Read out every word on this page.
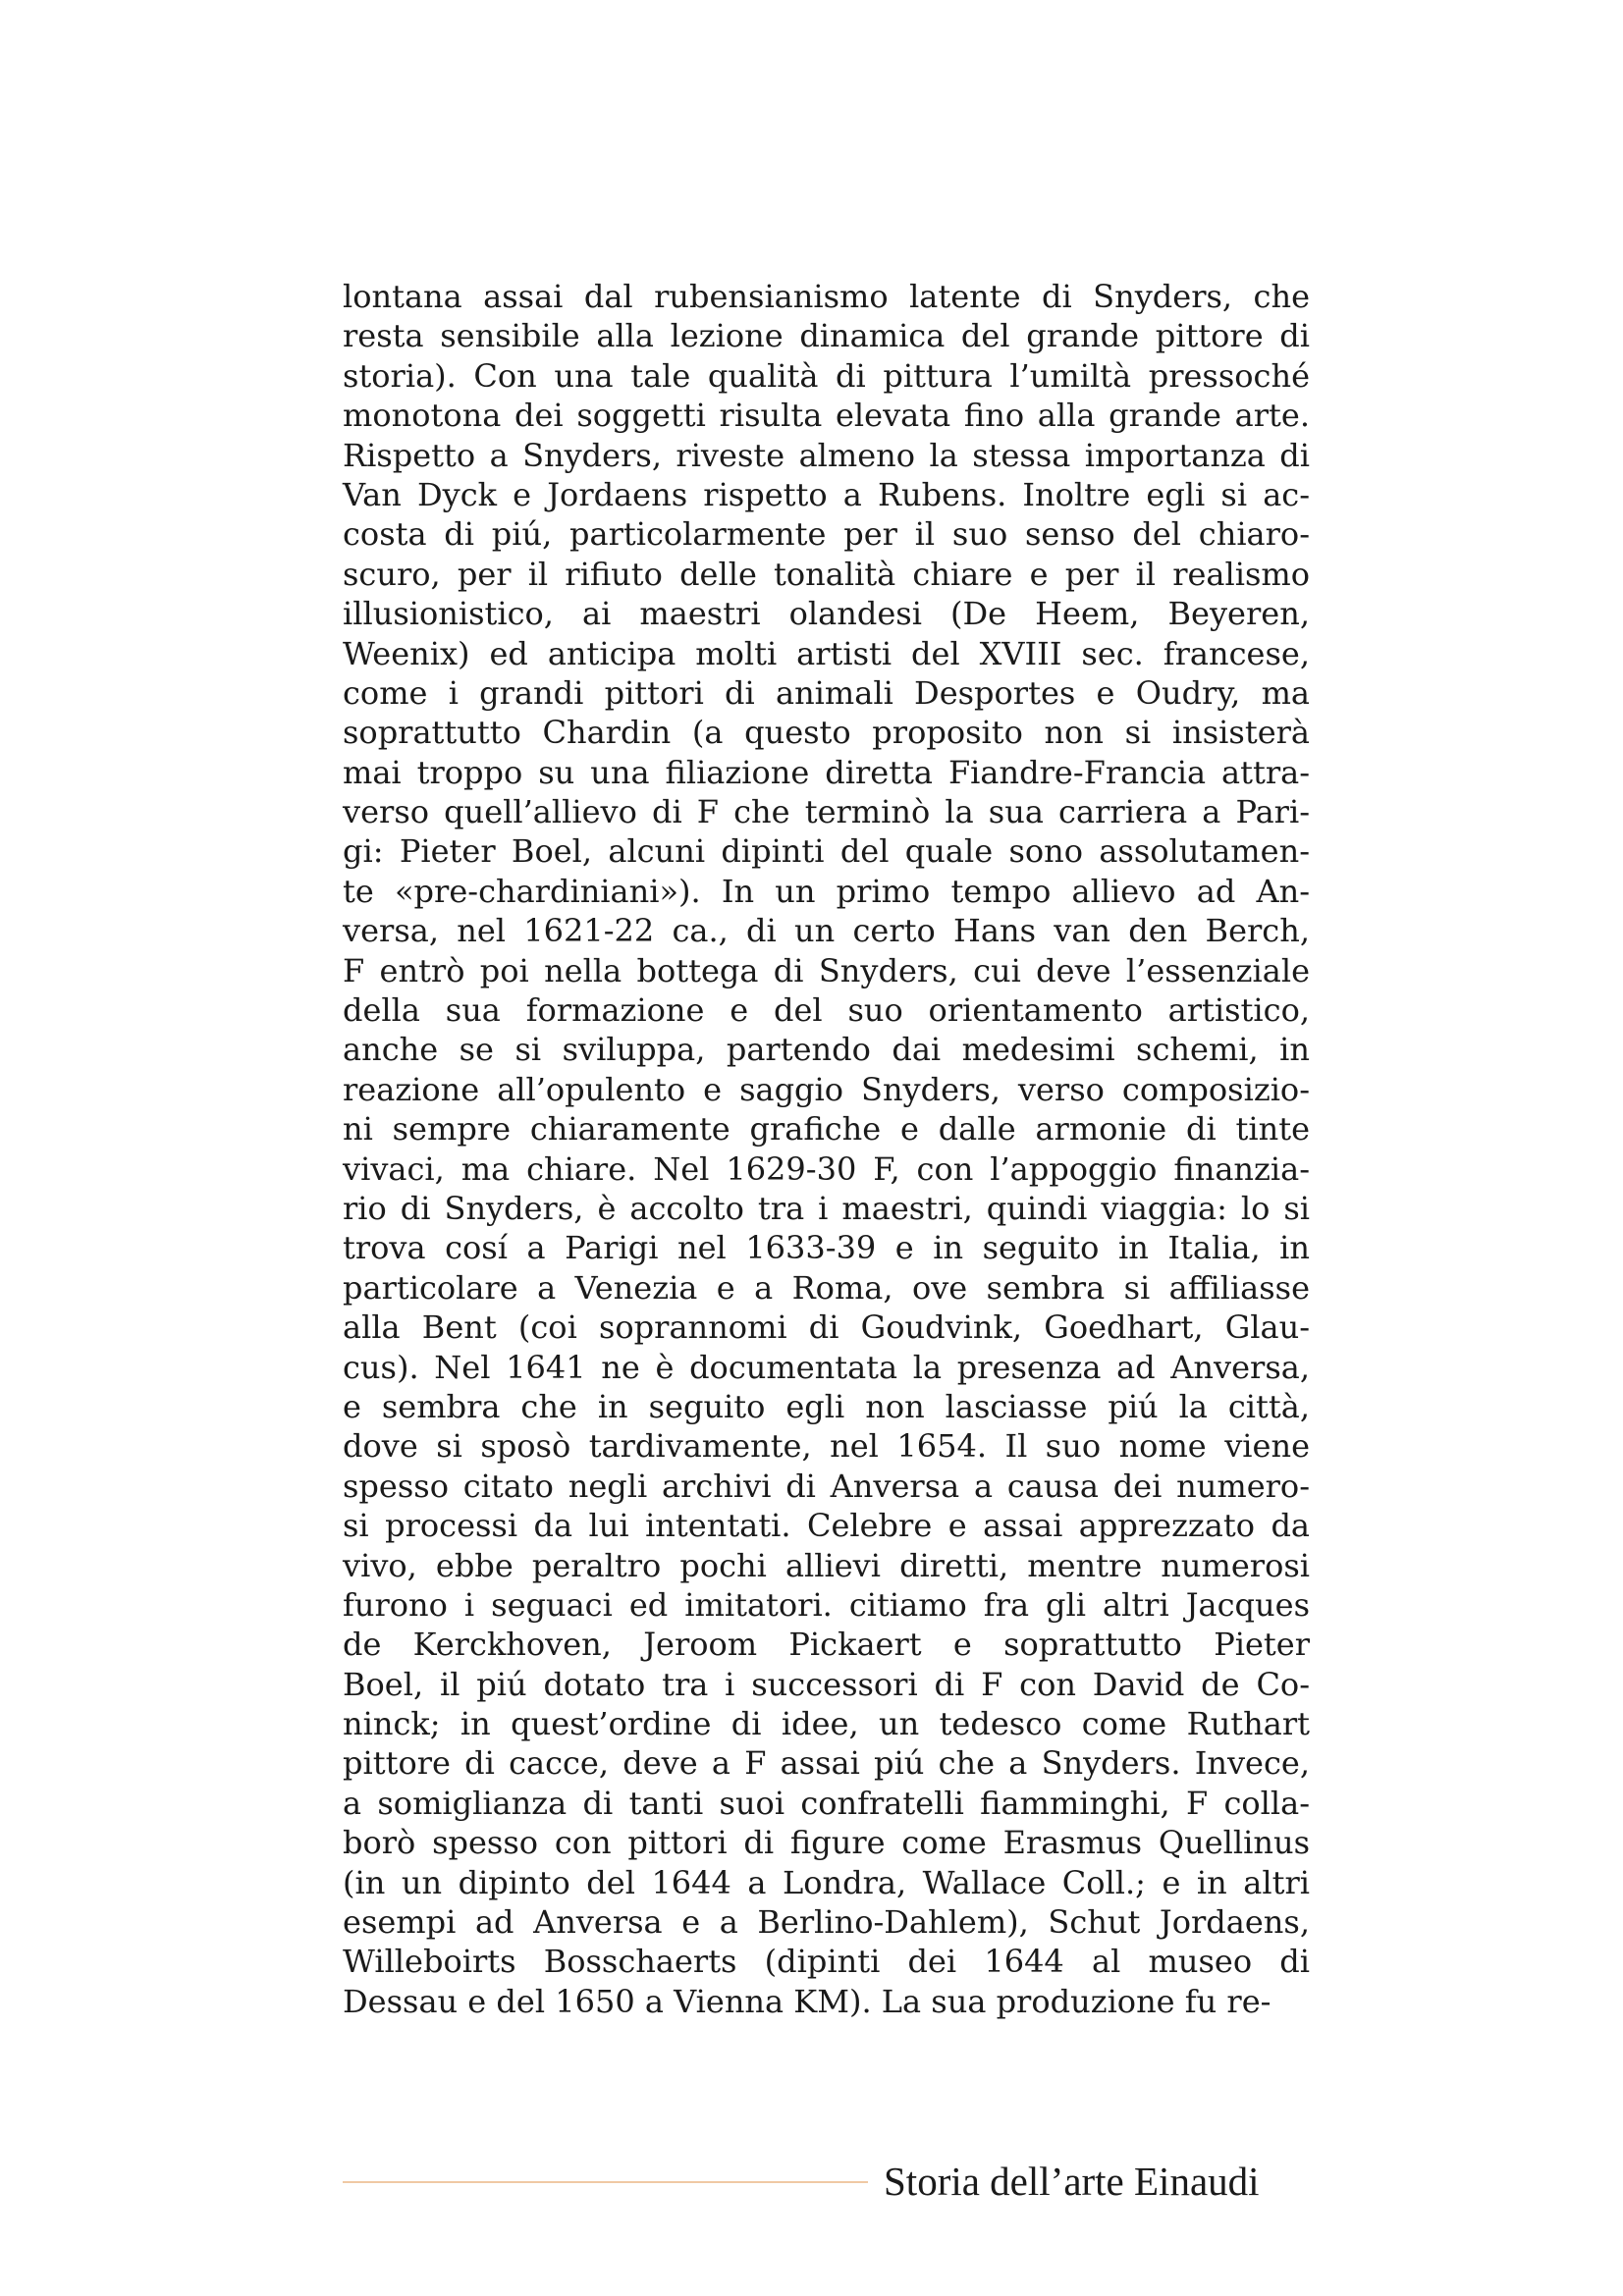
lontana assai dal rubensianismo latente di Snyders, che
resta sensibile alla lezione dinamica del grande pittore di
storia). Con una tale qualità di pittura l’umiltà pressoché
monotona dei soggetti risulta elevata fino alla grande arte.
Rispetto a Snyders, riveste almeno la stessa importanza di
Van Dyck e Jordaens rispetto a Rubens. Inoltre egli si ac-
costa di piú, particolarmente per il suo senso del chiaro-
scuro, per il rifiuto delle tonalità chiare e per il realismo
illusionistico, ai maestri olandesi (De Heem, Beyeren,
Weenix) ed anticipa molti artisti del XVIII sec. francese,
come i grandi pittori di animali Desportes e Oudry, ma
soprattutto Chardin (a questo proposito non si insisterà
mai troppo su una filiazione diretta Fiandre-Francia attra-
verso quell’allievo di F che terminò la sua carriera a Pari-
gi: Pieter Boel, alcuni dipinti del quale sono assolutamen-
te «pre-chardiniani»). In un primo tempo allievo ad An-
versa, nel 1621-22 ca., di un certo Hans van den Berch,
F entrò poi nella bottega di Snyders, cui deve l’essenziale
della sua formazione e del suo orientamento artistico,
anche se si sviluppa, partendo dai medesimi schemi, in
reazione all’opulento e saggio Snyders, verso composizio-
ni sempre chiaramente grafiche e dalle armonie di tinte
vivaci, ma chiare. Nel 1629-30 F, con l’appoggio finanzia-
rio di Snyders, è accolto tra i maestri, quindi viaggia: lo si
trova cosí a Parigi nel 1633-39 e in seguito in Italia, in
particolare a Venezia e a Roma, ove sembra si affiliasse
alla Bent (coi soprannomi di Goudvink, Goedhart, Glau-
cus). Nel 1641 ne è documentata la presenza ad Anversa,
e sembra che in seguito egli non lasciasse piú la città,
dove si sposò tardivamente, nel 1654. Il suo nome viene
spesso citato negli archivi di Anversa a causa dei numero-
si processi da lui intentati. Celebre e assai apprezzato da
vivo, ebbe peraltro pochi allievi diretti, mentre numerosi
furono i seguaci ed imitatori. citiamo fra gli altri Jacques
de Kerckhoven, Jeroom Pickaert e soprattutto Pieter
Boel, il piú dotato tra i successori di F con David de Co-
ninck; in quest’ordine di idee, un tedesco come Ruthart
pittore di cacce, deve a F assai piú che a Snyders. Invece,
a somiglianza di tanti suoi confratelli fiamminghi, F colla-
borò spesso con pittori di figure come Erasmus Quellinus
(in un dipinto del 1644 a Londra, Wallace Coll.; e in altri
esempi ad Anversa e a Berlino-Dahlem), Schut Jordaens,
Willeboirts Bosschaerts (dipinti dei 1644 al museo di
Dessau e del 1650 a Vienna KM). La sua produzione fu re-
Storia dell’arte Einaudi
